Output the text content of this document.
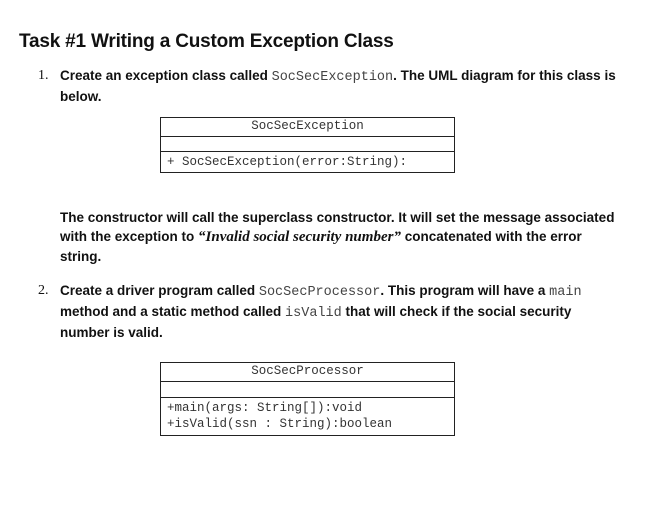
Task #1 Writing a Custom Exception Class
1. Create an exception class called SocSecException. The UML diagram for this class is below.
SocSecException
+ SocSecException(error:String):
The constructor will call the superclass constructor. It will set the message associated with the exception to “Invalid social security number” concatenated with the error string.
2. Create a driver program called SocSecProcessor. This program will have a main method and a static method called isValid that will check if the social security number is valid.
SocSecProcessor
+main(args: String[]):void
+isValid(ssn : String):boolean
